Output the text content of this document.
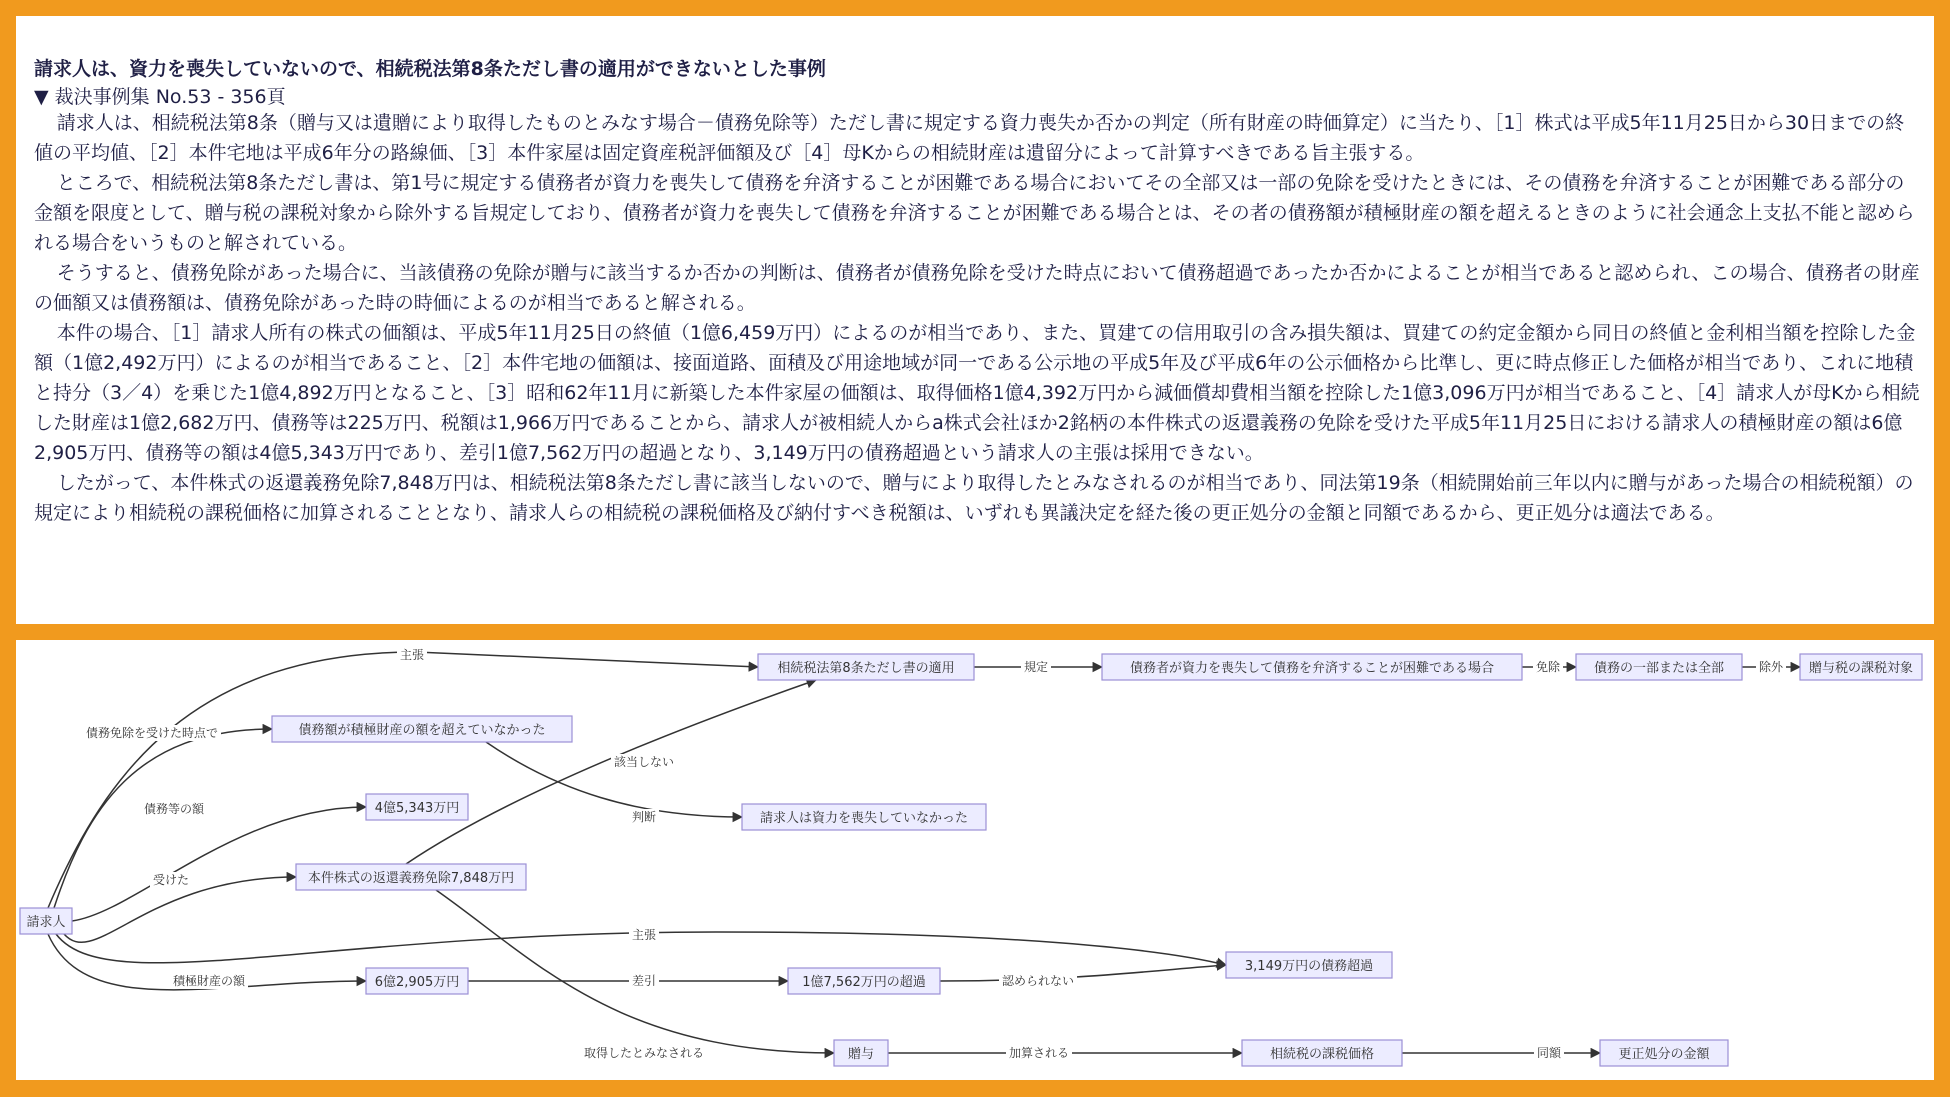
請求人は、資力を喪失していないので、相続税法第8条ただし書の適用ができないとした事例
▼ 裁決事例集 No.53 - 356頁

請求人は、相続税法第8条（贈与又は遺贈により取得したものとみなす場合－債務免除等）ただし書に規定する資力喪失か否かの判定（所有財産の時価算定）に当たり、［1］株式は平成5年11月25日から30日までの終値の平均値、［2］本件宅地は平成6年分の路線価、［3］本件家屋は固定資産税評価額及び［4］母Kからの相続財産は遺留分によって計算すべきである旨主張する。

ところで、相続税法第8条ただし書は、第1号に規定する債務者が資力を喪失して債務を弁済することが困難である場合においてその全部又は一部の免除を受けたときには、その債務を弁済することが困難である部分の金額を限度として、贈与税の課税対象から除外する旨規定しており、債務者が資力を喪失して債務を弁済することが困難である場合とは、その者の債務額が積極財産の額を超えるときのように社会通念上支払不能と認められる場合をいうものと解されている。

そうすると、債務免除があった場合に、当該債務の免除が贈与に該当するか否かの判断は、債務者が債務免除を受けた時点において債務超過であったか否かによることが相当であると認められ、この場合、債務者の財産の価額又は債務額は、債務免除があった時の時価によるのが相当であると解される。

本件の場合、［1］請求人所有の株式の価額は、平成5年11月25日の終値（1億6,459万円）によるのが相当であり、また、買建ての信用取引の含み損失額は、買建ての約定金額から同日の終値と金利相当額を控除した金額（1億2,492万円）によるのが相当であること、［2］本件宅地の価額は、接面道路、面積及び用途地域が同一である公示地の平成5年及び平成6年の公示価格から比準し、更に時点修正した価格が相当であり、これに地積と持分（3／4）を乗じた1億4,892万円となること、［3］昭和62年11月に新築した本件家屋の価額は、取得価格1億4,392万円から減価償却費相当額を控除した1億3,096万円が相当であること、［4］請求人が母Kから相続した財産は1億2,682万円、債務等は225万円、税額は1,966万円であることから、請求人が被相続人からa株式会社ほか2銘柄の本件株式の返還義務の免除を受けた平成5年11月25日における請求人の積極財産の額は6億2,905万円、債務等の額は4億5,343万円であり、差引1億7,562万円の超過となり、3,149万円の債務超過という請求人の主張は採用できない。

したがって、本件株式の返還義務免除7,848万円は、相続税法第8条ただし書に該当しないので、贈与により取得したとみなされるのが相当であり、同法第19条（相続開始前三年以内に贈与があった場合の相続税額）の規定により相続税の課税価格に加算されることとなり、請求人らの相続税の課税価格及び納付すべき税額は、いずれも異議決定を経た後の更正処分の金額と同額であるから、更正処分は適法である。

主張
規定	免除	除外
債務免除を受けた時点で
判断
債務等の額
受けた
該当しない
主張
積極財産の額	差引	認められない
取得したとみなされる	加算される	同額
請求人
相続税法第8条ただし書の適用	債務者が資力を喪失して債務を弁済することが困難である場合	債務の一部または全部	贈与税の課税対象
債務額が積極財産の額を超えていなかった
請求人は資力を喪失していなかった
4億5,343万円
本件株式の返還義務免除7,848万円
3,149万円の債務超過
6億2,905万円	1億7,562万円の超過
贈与	相続税の課税価格	更正処分の金額
